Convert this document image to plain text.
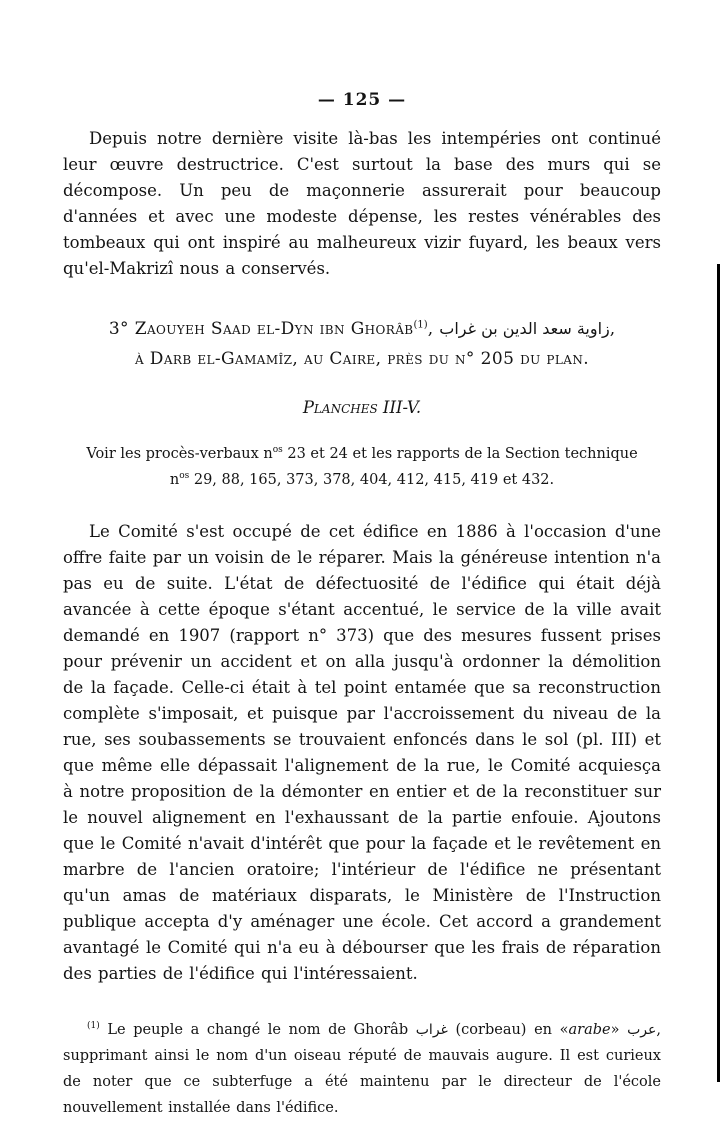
— 125 —

Depuis notre dernière visite là-bas les intempéries ont continué leur œuvre destructrice. C'est surtout la base des murs qui se décompose. Un peu de maçonnerie assurerait pour beaucoup d'années et avec une modeste dépense, les restes vénérables des tombeaux qui ont inspiré au malheureux vizir fuyard, les beaux vers qu'el-Makrizî nous a conservés.

3° Zaouyeh Saad el-Dyn ibn Ghorâb$^{(1)}$, زاوية سعد الدين بن غراب,
à Darb el-Gamamîz, au Caire, près du n° 205 du plan.
Planches III-V.
Voir les procès-verbaux $n^{os}$ 23 et 24 et les rapports de la Section technique
$n^{os}$ 29, 88, 165, 373, 378, 404, 412, 415, 419 et 432.

Le Comité s'est occupé de cet édifice en 1886 à l'occasion d'une offre faite par un voisin de le réparer. Mais la généreuse intention n'a pas eu de suite. L'état de défectuosité de l'édifice qui était déjà avancée à cette époque s'étant accentué, le service de la ville avait demandé en 1907 (rapport n° 373) que des mesures fussent prises pour prévenir un accident et on alla jusqu'à ordonner la démolition de la façade. Celle-ci était à tel point entamée que sa reconstruction complète s'imposait, et puisque par l'accroissement du niveau de la rue, ses soubassements se trouvaient enfoncés dans le sol (pl. III) et que même elle dépassait l'alignement de la rue, le Comité acquiesça à notre proposition de la démonter en entier et de la reconstituer sur le nouvel alignement en l'exhaussant de la partie enfouie. Ajoutons que le Comité n'avait d'intérêt que pour la façade et le revêtement en marbre de l'ancien oratoire; l'intérieur de l'édifice ne présentant qu'un amas de matériaux disparats, le Ministère de l'Instruction publique accepta d'y aménager une école. Cet accord a grandement avantagé le Comité qui n'a eu à débourser que les frais de réparation des parties de l'édifice qui l'intéressaient.

$^{(1)}$ Le peuple a changé le nom de Ghorâb غراب (corbeau) en «arabe» عرب, supprimant ainsi le nom d'un oiseau réputé de mauvais augure. Il est curieux de noter que ce subterfuge a été maintenu par le directeur de l'école nouvellement installée dans l'édifice.
